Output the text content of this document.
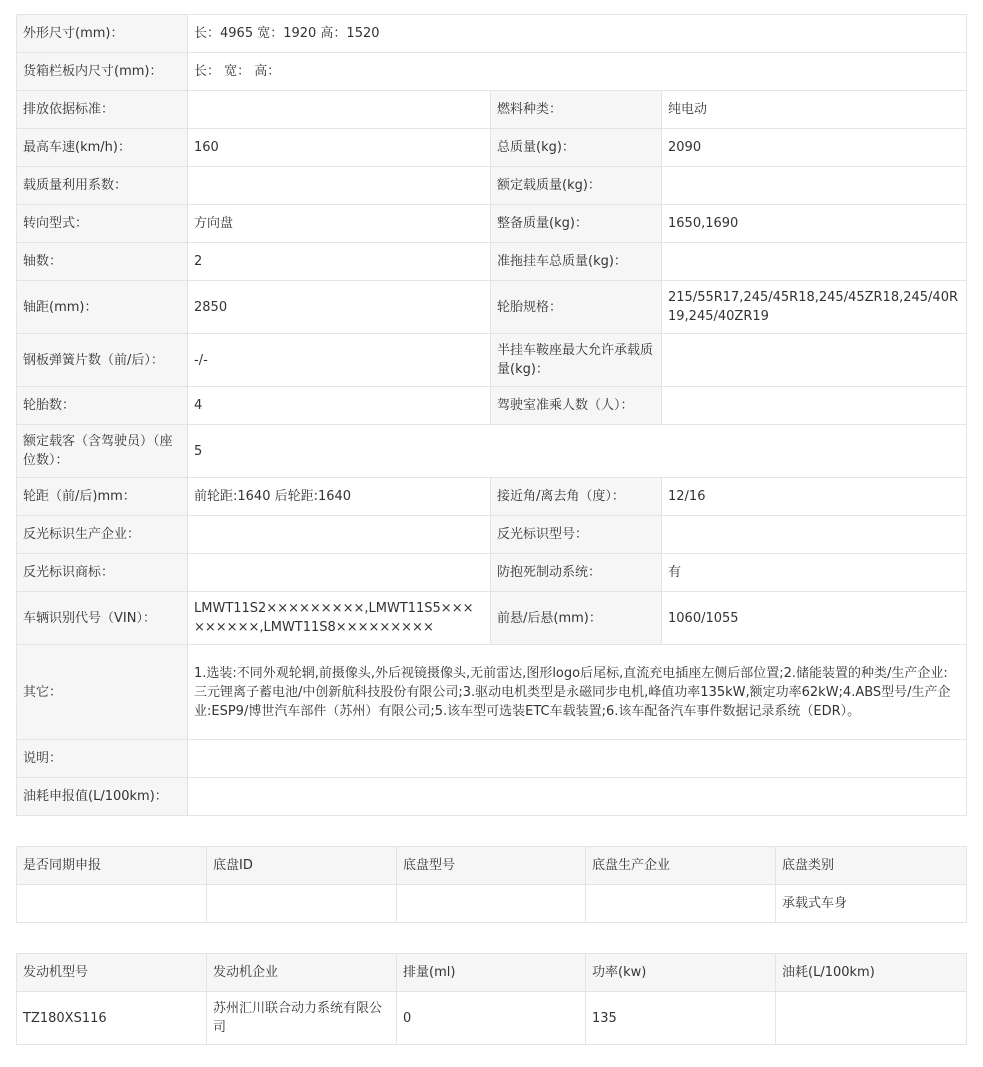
外形尺寸(mm)：	长：4965 宽：1920 高：1520		
货箱栏板内尺寸(mm)：	长： 宽： 高：		
排放依据标准：		燃料种类：	纯电动
最高车速(km/h)：	160	总质量(kg)：	2090
载质量利用系数：		额定载质量(kg)：	
转向型式：	方向盘	整备质量(kg)：	1650,1690
轴数：	2	准拖挂车总质量(kg)：	
轴距(mm)：	2850	轮胎规格：	215/55R17,245/45R18,245/45ZR18,245/40R19,245/40ZR19
钢板弹簧片数（前/后）：	-/-	半挂车鞍座最大允许承载质量(kg)：	
轮胎数：	4	驾驶室准乘人数（人）：	
额定载客（含驾驶员）（座位数）：	5		
轮距（前/后)mm：	前轮距:1640 后轮距:1640	接近角/离去角（度）：	12/16
反光标识生产企业：		反光标识型号：	
反光标识商标：		防抱死制动系统：	有
车辆识别代号（VIN）：	LMWT11S2×××××××××,LMWT11S5×××××××××,LMWT11S8×××××××××	前悬/后悬(mm)：	1060/1055
其它：	1.选装:不同外观轮辋,前摄像头,外后视镜摄像头,无前雷达,图形logo后尾标,直流充电插座左侧后部位置;2.储能装置的种类/生产企业:三元锂离子蓄电池/中创新航科技股份有限公司;3.驱动电机类型是永磁同步电机,峰值功率135kW,额定功率62kW;4.ABS型号/生产企业:ESP9/博世汽车部件（苏州）有限公司;5.该车型可选装ETC车载装置;6.该车配备汽车事件数据记录系统（EDR）。		
说明：			
油耗申报值(L/100km)：			
是否同期申报	底盘ID	底盘型号	底盘生产企业	底盘类别
				承载式车身
发动机型号	发动机企业	排量(ml)	功率(kw)	油耗(L/100km)
TZ180XS116	苏州汇川联合动力系统有限公司	0	135	
